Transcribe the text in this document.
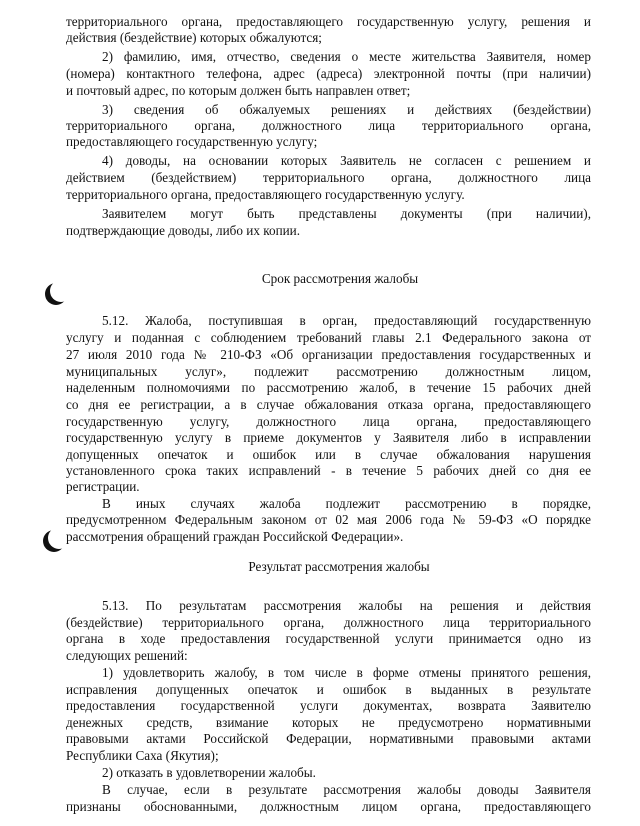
территориального органа, предоставляющего государственную услугу, решения и
действия (бездействие) которых обжалуются;
2) фамилию, имя, отчество, сведения о месте жительства Заявителя, номер
(номера) контактного телефона, адрес (адреса) электронной почты (при наличии)
и почтовый адрес, по которым должен быть направлен ответ;
3) сведения об обжалуемых решениях и действиях (бездействии)
территориального органа, должностного лица территориального органа,
предоставляющего государственную услугу;
4) доводы, на основании которых Заявитель не согласен с решением и
действием (бездействием) территориального органа, должностного лица
территориального органа, предоставляющего государственную услугу.
Заявителем могут быть представлены документы (при наличии),
подтверждающие доводы, либо их копии.
Срок рассмотрения жалобы
5.12. Жалоба, поступившая в орган, предоставляющий государственную
услугу и поданная с соблюдением требований главы 2.1 Федерального закона от
27 июля 2010 года № 210-ФЗ «Об организации предоставления государственных и
муниципальных услуг», подлежит рассмотрению должностным лицом,
наделенным полномочиями по рассмотрению жалоб, в течение 15 рабочих дней
со дня ее регистрации, а в случае обжалования отказа органа, предоставляющего
государственную услугу, должностного лица органа, предоставляющего
государственную услугу в приеме документов у Заявителя либо в исправлении
допущенных опечаток и ошибок или в случае обжалования нарушения
установленного срока таких исправлений - в течение 5 рабочих дней со дня ее
регистрации.
В иных случаях жалоба подлежит рассмотрению в порядке,
предусмотренном Федеральным законом от 02 мая 2006 года № 59-ФЗ «О порядке
рассмотрения обращений граждан Российской Федерации».
Результат рассмотрения жалобы
5.13. По результатам рассмотрения жалобы на решения и действия
(бездействие) территориального органа, должностного лица территориального
органа в ходе предоставления государственной услуги принимается одно из
следующих решений:
1) удовлетворить жалобу, в том числе в форме отмены принятого решения,
исправления допущенных опечаток и ошибок в выданных в результате
предоставления государственной услуги документах, возврата Заявителю
денежных средств, взимание которых не предусмотрено нормативными
правовыми актами Российской Федерации, нормативными правовыми актами
Республики Саха (Якутия);
2) отказать в удовлетворении жалобы.
В случае, если в результате рассмотрения жалобы доводы Заявителя
признаны обоснованными, должностным лицом органа, предоставляющего
